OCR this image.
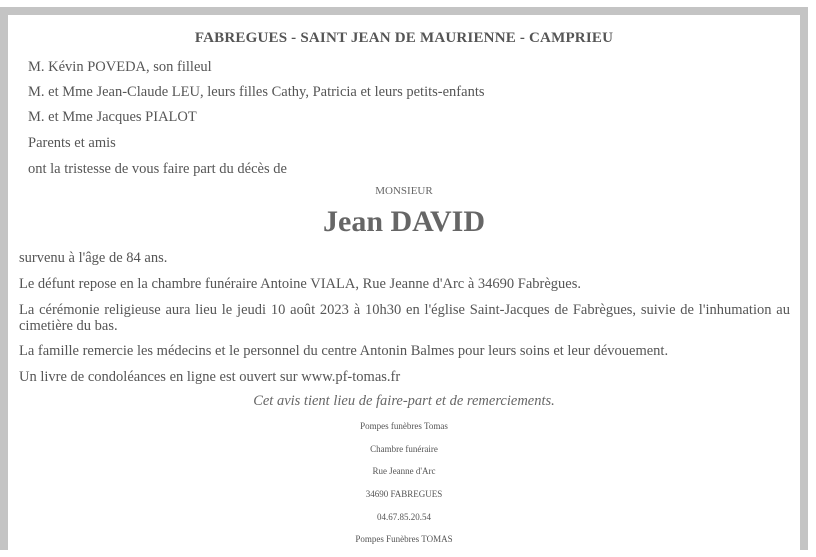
FABREGUES - SAINT JEAN DE MAURIENNE - CAMPRIEU
M. Kévin POVEDA, son filleul
M. et Mme Jean-Claude LEU, leurs filles Cathy, Patricia et leurs petits-enfants
M. et Mme Jacques PIALOT
Parents et amis
ont la tristesse de vous faire part du décès de
MONSIEUR
Jean DAVID
survenu à l'âge de 84 ans.
Le défunt repose en la chambre funéraire Antoine VIALA, Rue Jeanne d'Arc à 34690 Fabrègues.
La cérémonie religieuse aura lieu le jeudi 10 août 2023 à 10h30 en l'église Saint-Jacques de Fabrègues, suivie de l'inhumation au cimetière du bas.
La famille remercie les médecins et le personnel du centre Antonin Balmes pour leurs soins et leur dévouement.
Un livre de condoléances en ligne est ouvert sur www.pf-tomas.fr
Cet avis tient lieu de faire-part et de remerciements.
Pompes funèbres Tomas
Chambre funéraire
Rue Jeanne d'Arc
34690 FABREGUES
04.67.85.20.54
Pompes Funèbres TOMAS
